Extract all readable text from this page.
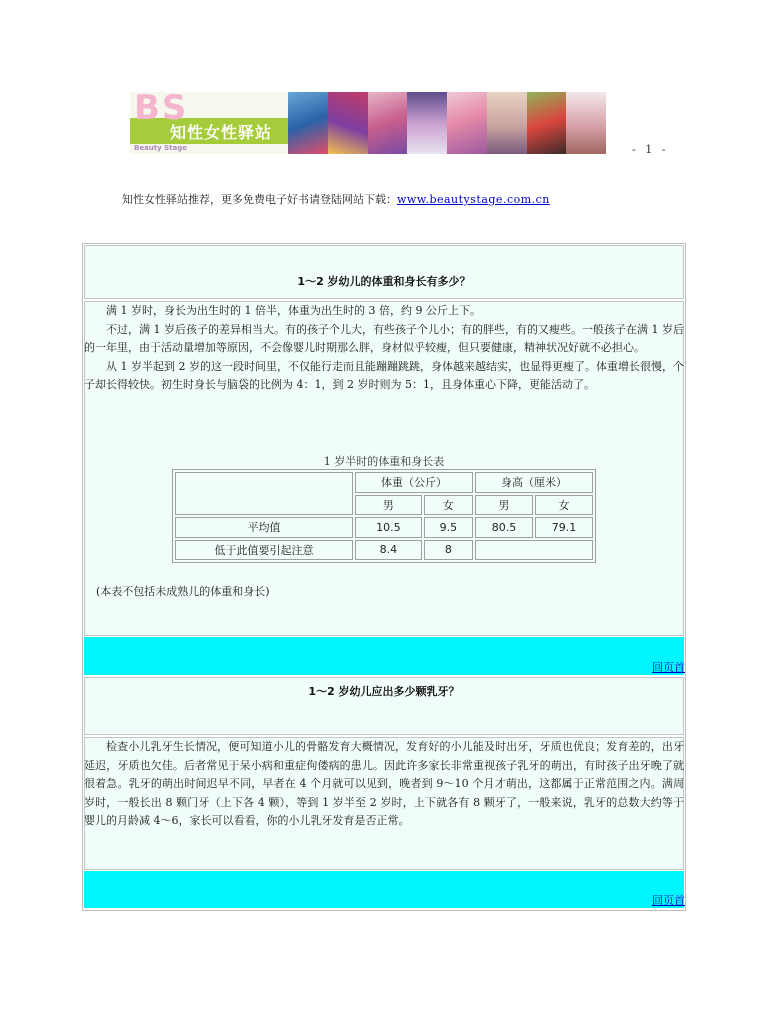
BS
知性女性驿站
Beauty Stage	- 1 -
知性女性驿站推荐，更多免费电子好书请登陆网站下载：www.beautystage.com.cn
1～2 岁幼儿的体重和身长有多少？

满 1 岁时，身长为出生时的 1 倍半，体重为出生时的 3 倍，约 9 公斤上下。

不过，满 1 岁后孩子的差异相当大。有的孩子个儿大，有些孩子个儿小；有的胖些，有的又瘦些。一般孩子在满 1 岁后的一年里，由于活动量增加等原因，不会像婴儿时期那么胖，身材似乎较瘦，但只要健康，精神状况好就不必担心。

从 1 岁半起到 2 岁的这一段时间里，不仅能行走而且能蹦蹦跳跳，身体越来越结实，也显得更瘦了。体重增长很慢，个子却长得较快。初生时身长与脑袋的比例为 4：1，到 2 岁时则为 5：1，且身体重心下降，更能活动了。

1 岁半时的体重和身长表
	体重（公斤）		身高（厘米）	
	男	女	男	女
平均值	10.5	9.5	80.5	79.1
低于此值要引起注意	8.4	8		
(本表不包括未成熟儿的体重和身长)
回页首
1～2 岁幼儿应出多少颗乳牙？

检查小儿乳牙生长情况，便可知道小儿的骨骼发育大概情况，发育好的小儿能及时出牙，牙质也优良；发育差的，出牙延迟，牙质也欠佳。后者常见于呆小病和重症佝偻病的患儿。因此许多家长非常重视孩子乳牙的萌出，有时孩子出牙晚了就很着急。乳牙的萌出时间迟早不同，早者在 4 个月就可以见到，晚者到 9～10 个月才萌出，这都属于正常范围之内。满周岁时，一般长出 8 颗门牙（上下各 4 颗），等到 1 岁半至 2 岁时，上下就各有 8 颗牙了，一般来说，乳牙的总数大约等于婴儿的月龄减 4～6，家长可以看看，你的小儿乳牙发育是否正常。

回页首
